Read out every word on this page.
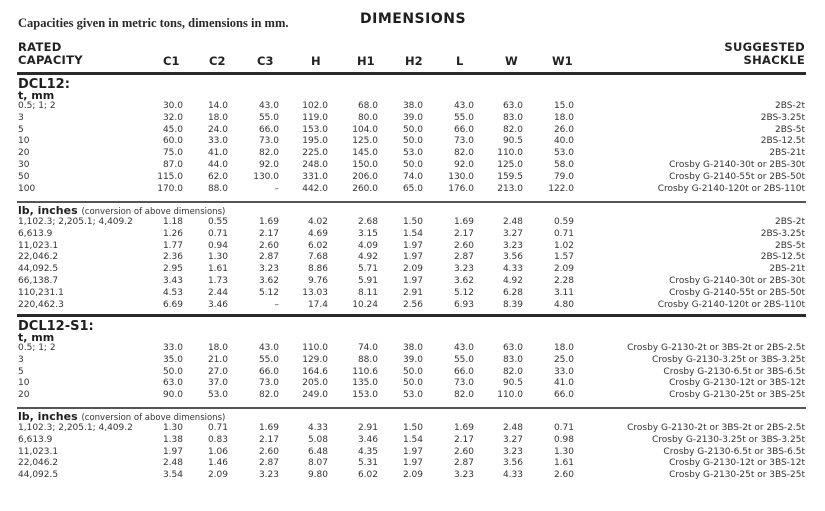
Capacities given in metric tons, dimensions in mm.	DIMENSIONS
RATED
CAPACITY	C1	C2	C3	H	H1	H2	L	W	W1
SUGGESTED
SHACKLE
DCL12:
t, mm
0.5; 1; 2	30.0	14.0	43.0	102.0	68.0	38.0	43.0	63.0	15.0	2BS-2t
3	32.0	18.0	55.0	119.0	80.0	39.0	55.0	83.0	18.0	2BS-3.25t
5	45.0	24.0	66.0	153.0	104.0	50.0	66.0	82.0	26.0	2BS-5t
10	60.0	33.0	73.0	195.0	125.0	50.0	73.0	90.5	40.0	2BS-12.5t
20	75.0	41.0	82.0	225.0	145.0	53.0	82.0	110.0	53.0	2BS-21t
30	87.0	44.0	92.0	248.0	150.0	50.0	92.0	125.0	58.0	Crosby G-2140-30t or 2BS-30t
50	115.0	62.0	130.0	331.0	206.0	74.0	130.0	159.5	79.0	Crosby G-2140-55t or 2BS-50t
100	170.0	88.0	–	442.0	260.0	65.0	176.0	213.0	122.0	Crosby G-2140-120t or 2BS-110t
lb, inches (conversion of above dimensions)
1,102.3; 2,205.1; 4,409.2	1.18	0.55	1.69	4.02	2.68	1.50	1.69	2.48	0.59	2BS-2t
6,613.9	1.26	0.71	2.17	4.69	3.15	1.54	2.17	3.27	0.71	2BS-3.25t
11,023.1	1.77	0.94	2.60	6.02	4.09	1.97	2.60	3.23	1.02	2BS-5t
22,046.2	2.36	1.30	2.87	7.68	4.92	1.97	2.87	3.56	1.57	2BS-12.5t
44,092.5	2.95	1.61	3.23	8.86	5.71	2.09	3.23	4.33	2.09	2BS-21t
66,138.7	3.43	1.73	3.62	9.76	5.91	1.97	3.62	4.92	2.28	Crosby G-2140-30t or 2BS-30t
110,231.1	4.53	2.44	5.12	13.03	8.11	2.91	5.12	6.28	3.11	Crosby G-2140-55t or 2BS-50t
220,462.3	6.69	3.46	–	17.4	10.24	2.56	6.93	8.39	4.80	Crosby G-2140-120t or 2BS-110t
DCL12-S1:
t, mm
0.5; 1; 2	33.0	18.0	43.0	110.0	74.0	38.0	43.0	63.0	18.0	Crosby G-2130-2t or 3BS-2t or 2BS-2.5t
3	35.0	21.0	55.0	129.0	88.0	39.0	55.0	83.0	25.0	Crosby G-2130-3.25t or 3BS-3.25t
5	50.0	27.0	66.0	164.6	110.6	50.0	66.0	82.0	33.0	Crosby G-2130-6.5t or 3BS-6.5t
10	63.0	37.0	73.0	205.0	135.0	50.0	73.0	90.5	41.0	Crosby G-2130-12t or 3BS-12t
20	90.0	53.0	82.0	249.0	153.0	53.0	82.0	110.0	66.0	Crosby G-2130-25t or 3BS-25t
lb, inches (conversion of above dimensions)
1,102.3; 2,205.1; 4,409.2	1.30	0.71	1.69	4.33	2.91	1.50	1.69	2.48	0.71	Crosby G-2130-2t or 3BS-2t or 2BS-2.5t
6,613.9	1.38	0.83	2.17	5.08	3.46	1.54	2.17	3.27	0.98	Crosby G-2130-3.25t or 3BS-3.25t
11,023.1	1.97	1.06	2.60	6.48	4.35	1.97	2.60	3.23	1.30	Crosby G-2130-6.5t or 3BS-6.5t
22,046.2	2.48	1.46	2.87	8.07	5.31	1.97	2.87	3.56	1.61	Crosby G-2130-12t or 3BS-12t
44,092.5	3.54	2.09	3.23	9.80	6.02	2.09	3.23	4.33	2.60	Crosby G-2130-25t or 3BS-25t
